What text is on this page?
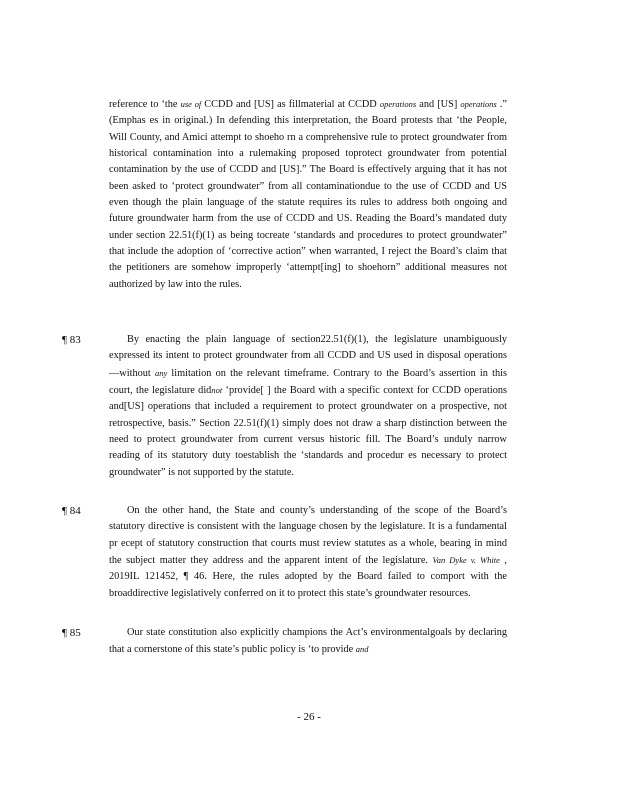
reference to ‘the use of CCDD and [US] as fillmaterial at CCDD operations and [US] operations .” (Emphas es in original.) In defending this interpretation, the Board protests that ‘the People, Will County, and Amici attempt to shoeho rn a comprehensive rule to protect groundwater from historical contamination into a rulemaking proposed toprotect groundwater from potential contamination by the use of CCDD and [US].” The Board is effectively arguing that it has not been asked to ‘protect groundwater” from all contaminationdue to the use of CCDD and US even though the plain language of the statute requires its rules to address both ongoing and future groundwater harm from the use of CCDD and US. Reading the Board’s mandated duty under section 22.51(f)(1) as being tocreate ‘standards and procedures to protect groundwater” that include the adoption of ‘corrective action” when warranted, I reject the Board’s claim that the petitioners are somehow improperly ‘attempt[ing] to shoehorn” additional measures not authorized by law into the rules.

¶ 83	By enacting the plain language of section22.51(f)(1), the legislature unambiguously expressed its intent to protect groundwater from all CCDD and US used in disposal operations —without any limitation on the relevant timeframe. Contrary to the Board’s assertion in this court, the legislature didnot ‘provide[ ] the Board with a specific context for CCDD operations and[US] operations that included a requirement to protect groundwater on a prospective, not retrospective, basis.” Section 22.51(f)(1) simply does not draw a sharp distinction between the need to protect groundwater from current versus historic fill. The Board’s unduly narrow reading of its statutory duty toestablish the ‘standards and procedur es necessary to protect groundwater” is not supported by the statute.

¶ 84	On the other hand, the State and county’s understanding of the scope of the Board’s statutory directive is consistent with the language chosen by the legislature. It is a fundamental pr ecept of statutory construction that courts must review statutes as a whole, bearing in mind the subject matter they address and the apparent intent of the legislature. Van Dyke v. White , 2019IL 121452, ¶ 46. Here, the rules adopted by the Board failed to comport with the broaddirective legislatively conferred on it to protect this state’s groundwater resources.

¶ 85	Our state constitution also explicitly champions the Act’s environmentalgoals by declaring that a cornerstone of this state’s public policy is ‘to provide and

- 26 -
